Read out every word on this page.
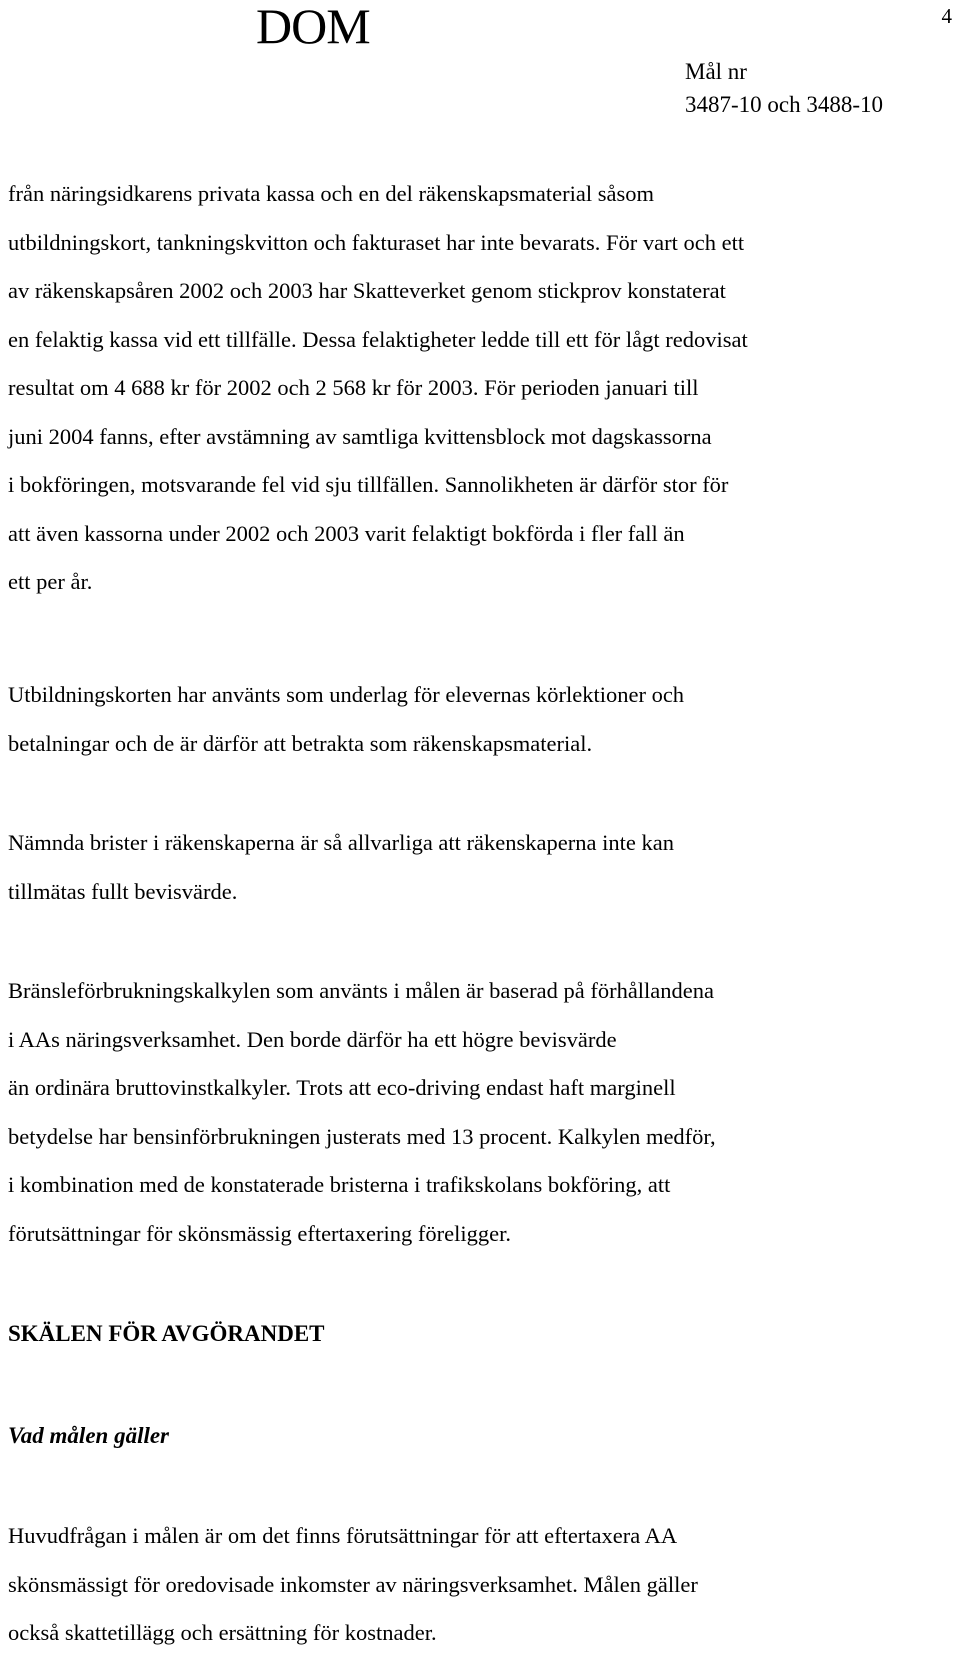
DOM	4
Mål nr
3487-10 och 3488-10

från näringsidkarens privata kassa och en del räkenskapsmaterial såsom
utbildningskort, tankningskvitton och fakturaset har inte bevarats. För vart och ett
av räkenskapsåren 2002 och 2003 har Skatteverket genom stickprov konstaterat
en felaktig kassa vid ett tillfälle. Dessa felaktigheter ledde till ett för lågt redovisat
resultat om 4 688 kr för 2002 och 2 568 kr för 2003. För perioden januari till
juni 2004 fanns, efter avstämning av samtliga kvittensblock mot dagskassorna
i bokföringen, motsvarande fel vid sju tillfällen. Sannolikheten är därför stor för
att även kassorna under 2002 och 2003 varit felaktigt bokförda i fler fall än
ett per år.

Utbildningskorten har använts som underlag för elevernas körlektioner och
betalningar och de är därför att betrakta som räkenskapsmaterial.

Nämnda brister i räkenskaperna är så allvarliga att räkenskaperna inte kan
tillmätas fullt bevisvärde.

Bränsleförbrukningskalkylen som använts i målen är baserad på förhållandena
i AAs näringsverksamhet. Den borde därför ha ett högre bevisvärde
än ordinära bruttovinstkalkyler. Trots att eco-driving endast haft marginell
betydelse har bensinförbrukningen justerats med 13 procent. Kalkylen medför,
i kombination med de konstaterade bristerna i trafikskolans bokföring, att
förutsättningar för skönsmässig eftertaxering föreligger.

SKÄLEN FÖR AVGÖRANDET
Vad målen gäller

Huvudfrågan i målen är om det finns förutsättningar för att eftertaxera AA
skönsmässigt för oredovisade inkomster av näringsverksamhet. Målen gäller
också skattetillägg och ersättning för kostnader.
